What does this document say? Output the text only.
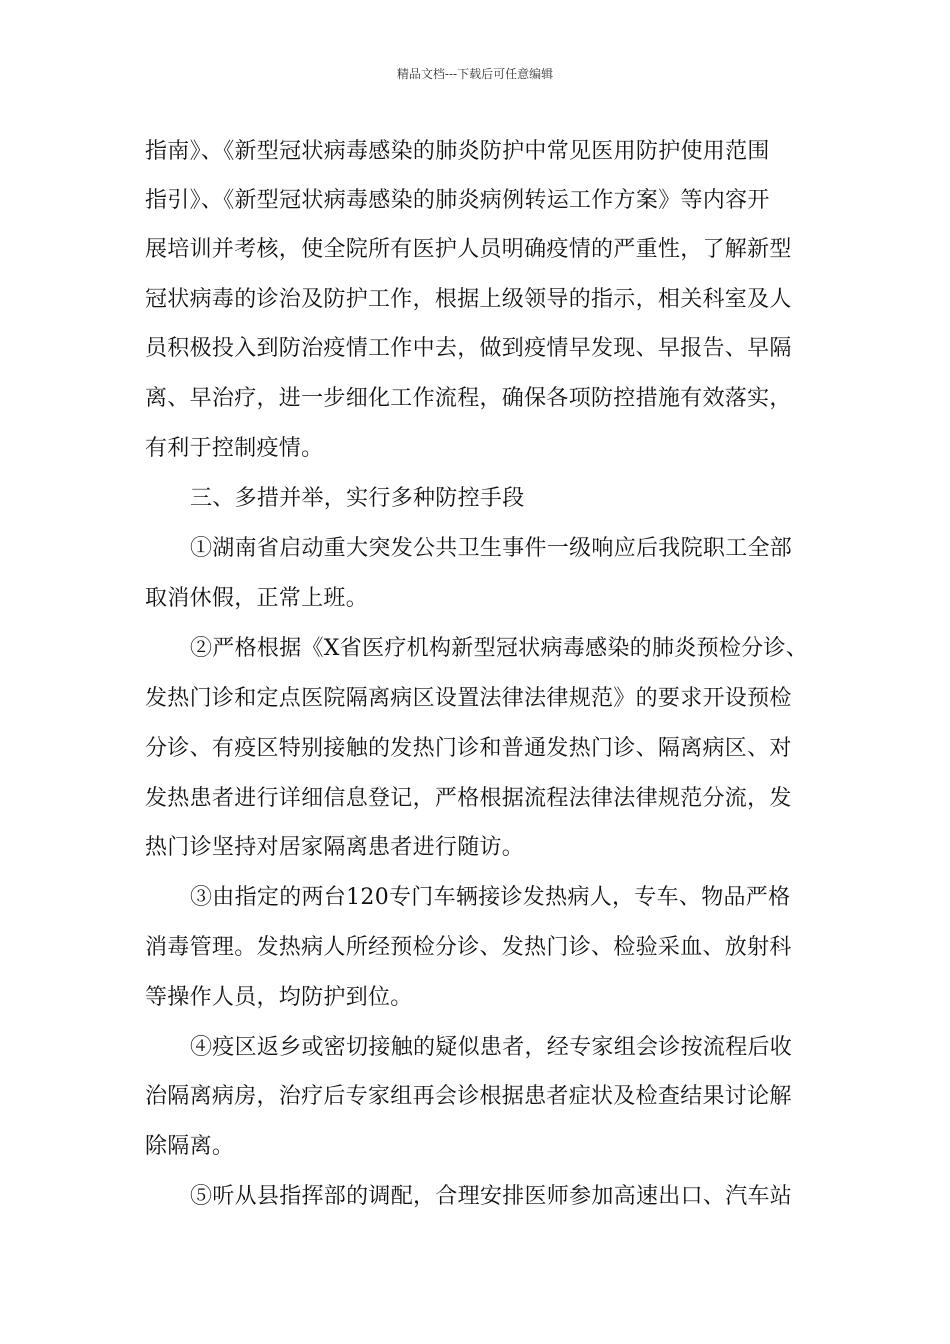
精品文档---下载后可任意编辑
指南》、《新型冠状病毒感染的肺炎防护中常见医用防护使用范围
指引》、《新型冠状病毒感染的肺炎病例转运工作方案》等内容开
展培训并考核，使全院所有医护人员明确疫情的严重性，了解新型
冠状病毒的诊治及防护工作，根据上级领导的指示，相关科室及人
员积极投入到防治疫情工作中去，做到疫情早发现、早报告、早隔
离、早治疗，进一步细化工作流程，确保各项防控措施有效落实，
有利于控制疫情。
三、多措并举，实行多种防控手段
①湖南省启动重大突发公共卫生事件一级响应后我院职工全部
取消休假，正常上班。
②严格根据《X省医疗机构新型冠状病毒感染的肺炎预检分诊、
发热门诊和定点医院隔离病区设置法律法律规范》的要求开设预检
分诊、有疫区特别接触的发热门诊和普通发热门诊、隔离病区、对
发热患者进行详细信息登记，严格根据流程法律法律规范分流，发
热门诊坚持对居家隔离患者进行随访。
③由指定的两台120专门车辆接诊发热病人，专车、物品严格
消毒管理。发热病人所经预检分诊、发热门诊、检验采血、放射科
等操作人员，均防护到位。
④疫区返乡或密切接触的疑似患者，经专家组会诊按流程后收
治隔离病房，治疗后专家组再会诊根据患者症状及检查结果讨论解
除隔离。
⑤听从县指挥部的调配，合理安排医师参加高速出口、汽车站
